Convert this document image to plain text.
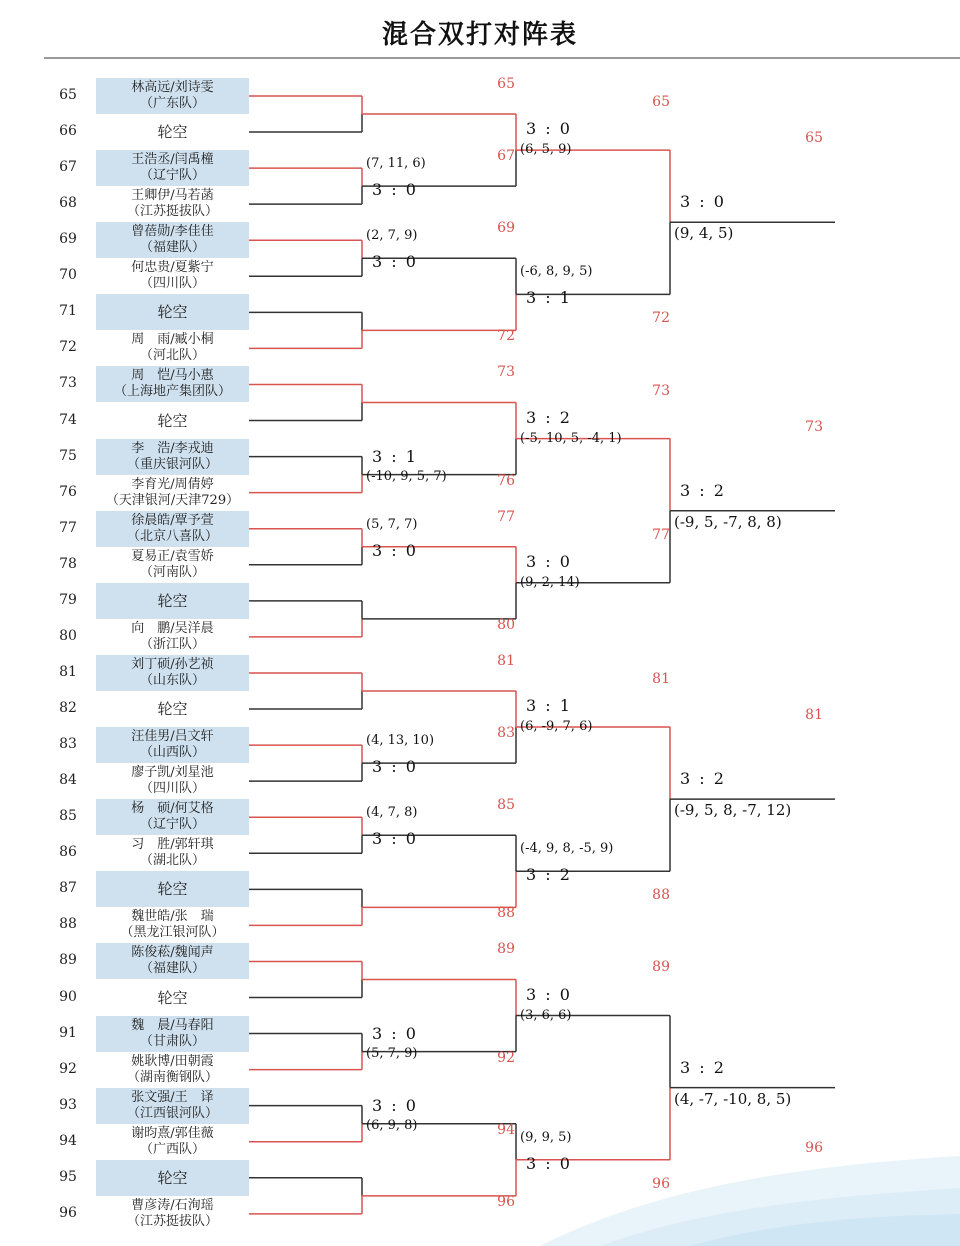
混合双打对阵表
65	林高远/刘诗雯
（广东队）
66	轮空
67	王浩丞/闫禹橦
（辽宁队）
68	王卿伊/马若菡
（江苏挺拔队）
69	曾蓓勋/李佳佳
（福建队）
70	何忠贵/夏紫宁
（四川队）
71	轮空
72	周　雨/臧小桐
（河北队）
73	周　恺/马小惠
（上海地产集团队）
74	轮空
75	李　浩/李戎迪
（重庆银河队）
76	李育光/周倩婷
（天津银河/天津729）
77	徐晨皓/覃予萱
（北京八喜队）
78	夏易正/袁雪娇
（河南队）
79	轮空
80	向　鹏/吴洋晨
（浙江队）
81	刘丁硕/孙艺祯
（山东队）
82	轮空
83	汪佳男/吕文轩
（山西队）
84	廖子凯/刘星池
（四川队）
85	杨　硕/何艾格
（辽宁队）
86	习　胜/郭轩琪
（湖北队）
87	轮空
88	魏世皓/张　瑞
（黑龙江银河队）
89	陈俊菘/魏闻声
（福建队）
90	轮空
91	魏　晨/马春阳
（甘肃队）
92	姚耿博/田朝霞
（湖南衡钢队）
93	张文强/王　译
（江西银河队）
94	谢昀熹/郭佳薇
（广西队）
95	轮空
96	曹彦涛/石洵瑶
（江苏挺拔队）
65
67
(7, 11, 6)
3 : 0
69
(2, 7, 9)
3 : 0
72
73
76
3 : 1
(-10, 9, 5, 7)
77
(5, 7, 7)
3 : 0
80
81
83
(4, 13, 10)
3 : 0
85
(4, 7, 8)
3 : 0
88
89
92
3 : 0
(5, 7, 9)
94
3 : 0
(6, 9, 8)
96
65
3 : 0
(6, 5, 9)
72
(-6, 8, 9, 5)
3 : 1
73
3 : 2
(-5, 10, 5, -4, 1)
77
3 : 0
(9, 2, 14)
81
3 : 1
(6, -9, 7, 6)
88
(-4, 9, 8, -5, 9)
3 : 2
89
3 : 0
(3, 6, 6)
96
(9, 9, 5)
3 : 0
65
3 : 0
(9, 4, 5)
73
3 : 2
(-9, 5, -7, 8, 8)
81
3 : 2
(-9, 5, 8, -7, 12)
96
3 : 2
(4, -7, -10, 8, 5)
